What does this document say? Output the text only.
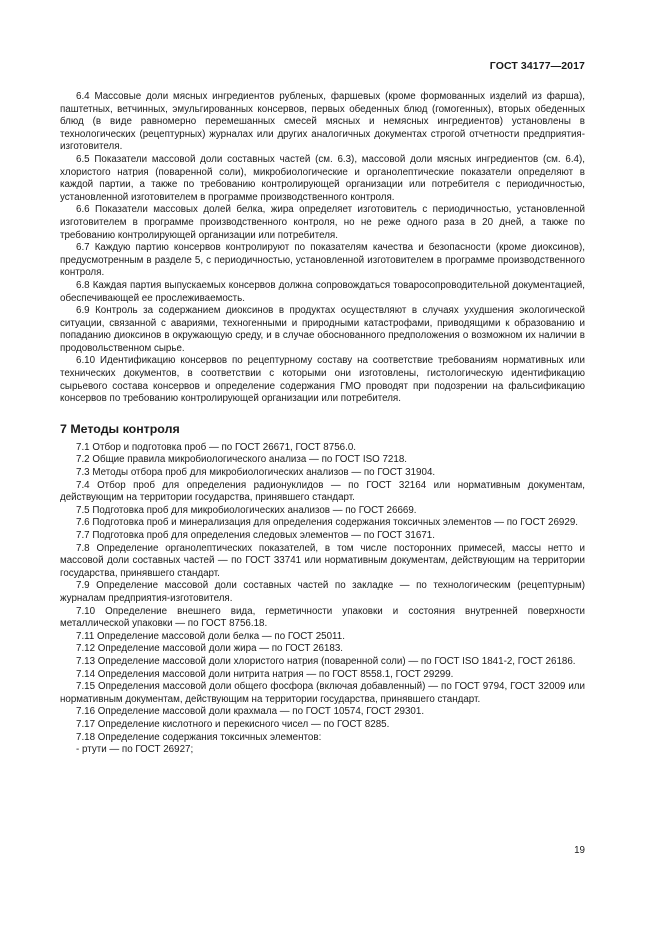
ГОСТ 34177—2017

6.4 Массовые доли мясных ингредиентов рубленых, фаршевых (кроме формованных изделий из фарша), паштетных, ветчинных, эмульгированных консервов, первых обеденных блюд (гомогенных), вторых обеденных блюд (в виде равномерно перемешанных смесей мясных и немясных ингредиентов) установлены в технологических (рецептурных) журналах или других аналогичных документах строгой отчетности предприятия-изготовителя.

6.5 Показатели массовой доли составных частей (см. 6.3), массовой доли мясных ингредиентов (см. 6.4), хлористого натрия (поваренной соли), микробиологические и органолептические показатели определяют в каждой партии, а также по требованию контролирующей организации или потребителя с периодичностью, установленной изготовителем в программе производственного контроля.

6.6 Показатели массовых долей белка, жира определяет изготовитель с периодичностью, установленной изготовителем в программе производственного контроля, но не реже одного раза в 20 дней, а также по требованию контролирующей организации или потребителя.

6.7 Каждую партию консервов контролируют по показателям качества и безопасности (кроме диоксинов), предусмотренным в разделе 5, с периодичностью, установленной изготовителем в программе производственного контроля.

6.8 Каждая партия выпускаемых консервов должна сопровождаться товаросопроводительной документацией, обеспечивающей ее прослеживаемость.

6.9 Контроль за содержанием диоксинов в продуктах осуществляют в случаях ухудшения экологической ситуации, связанной с авариями, техногенными и природными катастрофами, приводящими к образованию и попаданию диоксинов в окружающую среду, и в случае обоснованного предположения о возможном их наличии в продовольственном сырье.

6.10 Идентификацию консервов по рецептурному составу на соответствие требованиям нормативных или технических документов, в соответствии с которыми они изготовлены, гистологическую идентификацию сырьевого состава консервов и определение содержания ГМО проводят при подозрении на фальсификацию консервов по требованию контролирующей организации или потребителя.

7 Методы контроля

7.1 Отбор и подготовка проб — по ГОСТ 26671, ГОСТ 8756.0.

7.2 Общие правила микробиологического анализа — по ГОСТ ISO 7218.

7.3 Методы отбора проб для микробиологических анализов — по ГОСТ 31904.

7.4 Отбор проб для определения радионуклидов — по ГОСТ 32164 или нормативным документам, действующим на территории государства, принявшего стандарт.

7.5 Подготовка проб для микробиологических анализов — по ГОСТ 26669.

7.6 Подготовка проб и минерализация для определения содержания токсичных элементов — по ГОСТ 26929.

7.7 Подготовка проб для определения следовых элементов — по ГОСТ 31671.

7.8 Определение органолептических показателей, в том числе посторонних примесей, массы нетто и массовой доли составных частей — по ГОСТ 33741 или нормативным документам, действующим на территории государства, принявшего стандарт.

7.9 Определение массовой доли составных частей по закладке — по технологическим (рецептурным) журналам предприятия-изготовителя.

7.10 Определение внешнего вида, герметичности упаковки и состояния внутренней поверхности металлической упаковки — по ГОСТ 8756.18.

7.11 Определение массовой доли белка — по ГОСТ 25011.

7.12 Определение массовой доли жира — по ГОСТ 26183.

7.13 Определение массовой доли хлористого натрия (поваренной соли) — по ГОСТ ISO 1841-2, ГОСТ 26186.

7.14 Определения массовой доли нитрита натрия — по ГОСТ 8558.1, ГОСТ 29299.

7.15 Определения массовой доли общего фосфора (включая добавленный) — по ГОСТ 9794, ГОСТ 32009 или нормативным документам, действующим на территории государства, принявшего стандарт.

7.16 Определение массовой доли крахмала — по ГОСТ 10574, ГОСТ 29301.

7.17 Определение кислотного и перекисного чисел — по ГОСТ 8285.

7.18 Определение содержания токсичных элементов:

- ртути — по ГОСТ 26927;

19
